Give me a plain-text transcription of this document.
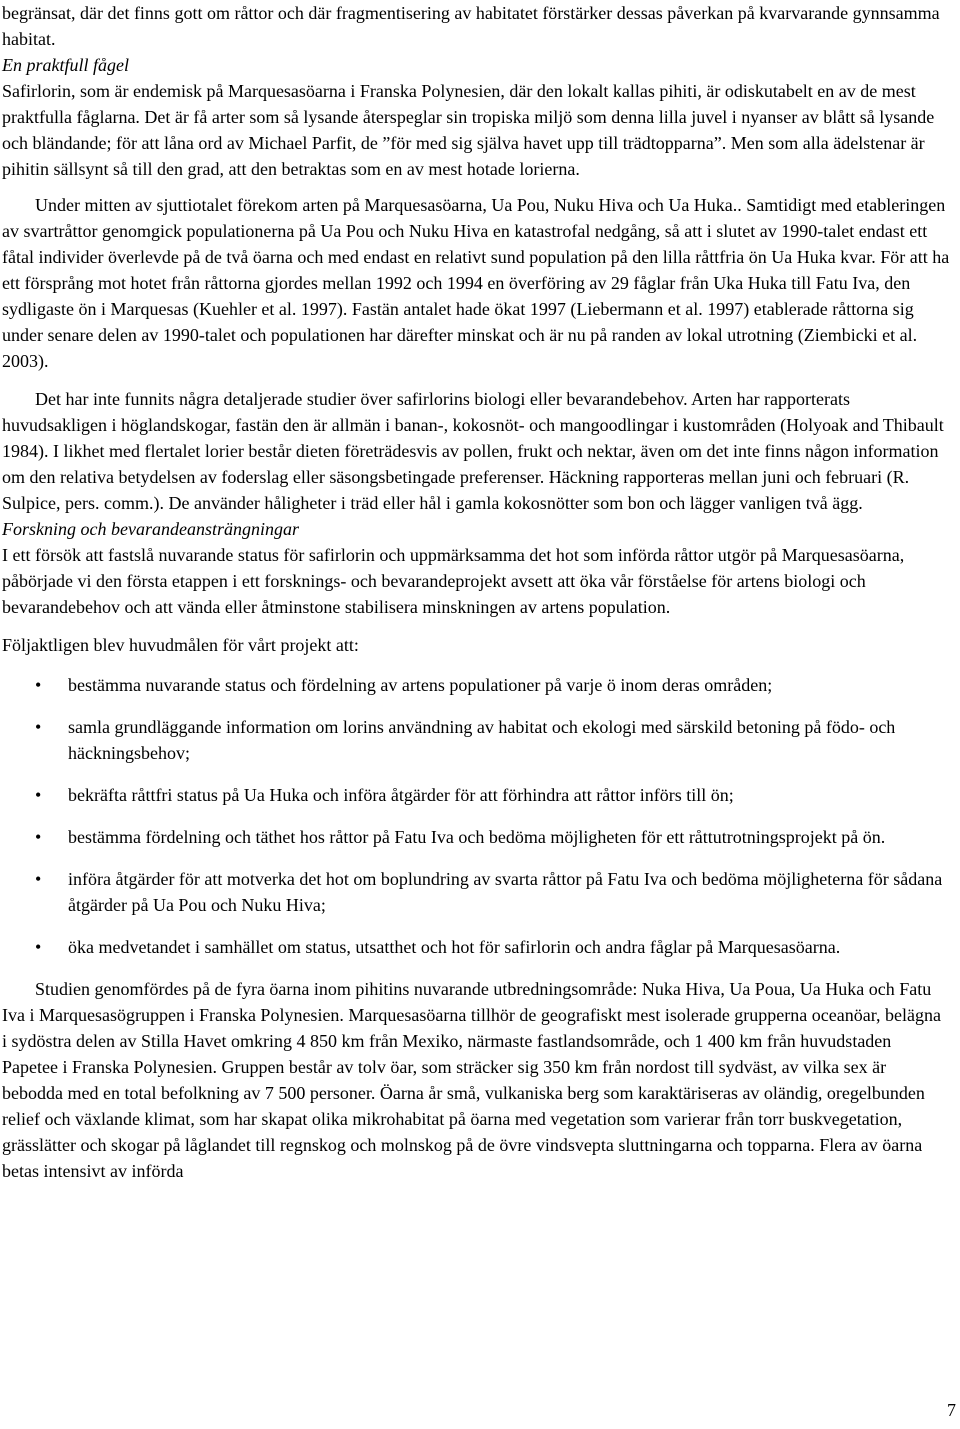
begränsat, där det finns gott om råttor och där fragmentisering av habitatet förstärker dessas påverkan på kvarvarande gynnsamma habitat.

En praktfull fågel

Safirlorin, som är endemisk på Marquesasöarna i Franska Polynesien, där den lokalt kallas pihiti, är odiskutabelt en av de mest praktfulla fåglarna. Det är få arter som så lysande återspeglar sin tropiska miljö som denna lilla juvel i nyanser av blått så lysande och bländande; för att låna ord av Michael Parfit, de ”för med sig själva havet upp till trädtopparna”. Men som alla ädelstenar är pihitin sällsynt så till den grad, att den betraktas som en av mest hotade lorierna.

Under mitten av sjuttiotalet förekom arten på Marquesasöarna, Ua Pou, Nuku Hiva och Ua Huka.. Samtidigt med etableringen av svartråttor genomgick populationerna på Ua Pou och Nuku Hiva en katastrofal nedgång, så att i slutet av 1990-talet endast ett fåtal individer överlevde på de två öarna och med endast en relativt sund population på den lilla råttfria ön Ua Huka kvar. För att ha ett försprång mot hotet från råttorna gjordes mellan 1992 och 1994 en överföring av 29 fåglar från Uka Huka till Fatu Iva, den sydligaste ön i Marquesas (Kuehler et al. 1997). Fastän antalet hade ökat 1997 (Liebermann et al. 1997) etablerade råttorna sig under senare delen av 1990-talet och populationen har därefter minskat och är nu på randen av lokal utrotning (Ziembicki et al. 2003).

Det har inte funnits några detaljerade studier över safirlorins biologi eller bevarandebehov. Arten har rapporterats huvudsakligen i höglandskogar, fastän den är allmän i banan-, kokosnöt- och mangoodlingar i kustområden (Holyoak and Thibault 1984). I likhet med flertalet lorier består dieten företrädesvis av pollen, frukt och nektar, även om det inte finns någon information om den relativa betydelsen av foderslag eller säsongsbetingade preferenser. Häckning rapporteras mellan juni och februari (R. Sulpice, pers. comm.). De använder håligheter i träd eller hål i gamla kokosnötter som bon och lägger vanligen två ägg.

Forskning och bevarandeansträngningar

I ett försök att fastslå nuvarande status för safirlorin och uppmärksamma det hot som införda råttor utgör på Marquesasöarna, påbörjade vi den första etappen i ett forsknings- och bevarandeprojekt avsett att öka vår förståelse för artens biologi och bevarandebehov och att vända eller åtminstone stabilisera minskningen av artens population.

Följaktligen blev huvudmålen för vårt projekt att:

• bestämma nuvarande status och fördelning av artens populationer på varje ö inom deras områden;
• samla grundläggande information om lorins användning av habitat och ekologi med särskild betoning på födo- och häckningsbehov;
• bekräfta råttfri status på Ua Huka och införa åtgärder för att förhindra att råttor införs till ön;
• bestämma fördelning och täthet hos råttor på Fatu Iva och bedöma möjligheten för ett råttutrotningsprojekt på ön.
• införa åtgärder för att motverka det hot om boplundring av svarta råttor på Fatu Iva och bedöma möjligheterna för sådana åtgärder på Ua Pou och Nuku Hiva;
• öka medvetandet i samhället om status, utsatthet och hot för safirlorin och andra fåglar på Marquesasöarna.

Studien genomfördes på de fyra öarna inom pihitins nuvarande utbredningsområde: Nuka Hiva, Ua Poua, Ua Huka och Fatu Iva i Marquesasögruppen i Franska Polynesien. Marquesasöarna tillhör de geografiskt mest isolerade grupperna oceanöar, belägna i sydöstra delen av Stilla Havet omkring 4 850 km från Mexiko, närmaste fastlandsområde, och 1 400 km från huvudstaden Papetee i Franska Polynesien. Gruppen består av tolv öar, som sträcker sig 350 km från nordost till sydväst, av vilka sex är bebodda med en total befolkning av 7 500 personer. Öarna år små, vulkaniska berg som karaktäriseras av oländig, oregelbunden relief och växlande klimat, som har skapat olika mikrohabitat på öarna med vegetation som varierar från torr buskvegetation, grässlätter och skogar på låglandet till regnskog och molnskog på de övre vindsvepta sluttningarna och topparna. Flera av öarna betas intensivt av införda

7
